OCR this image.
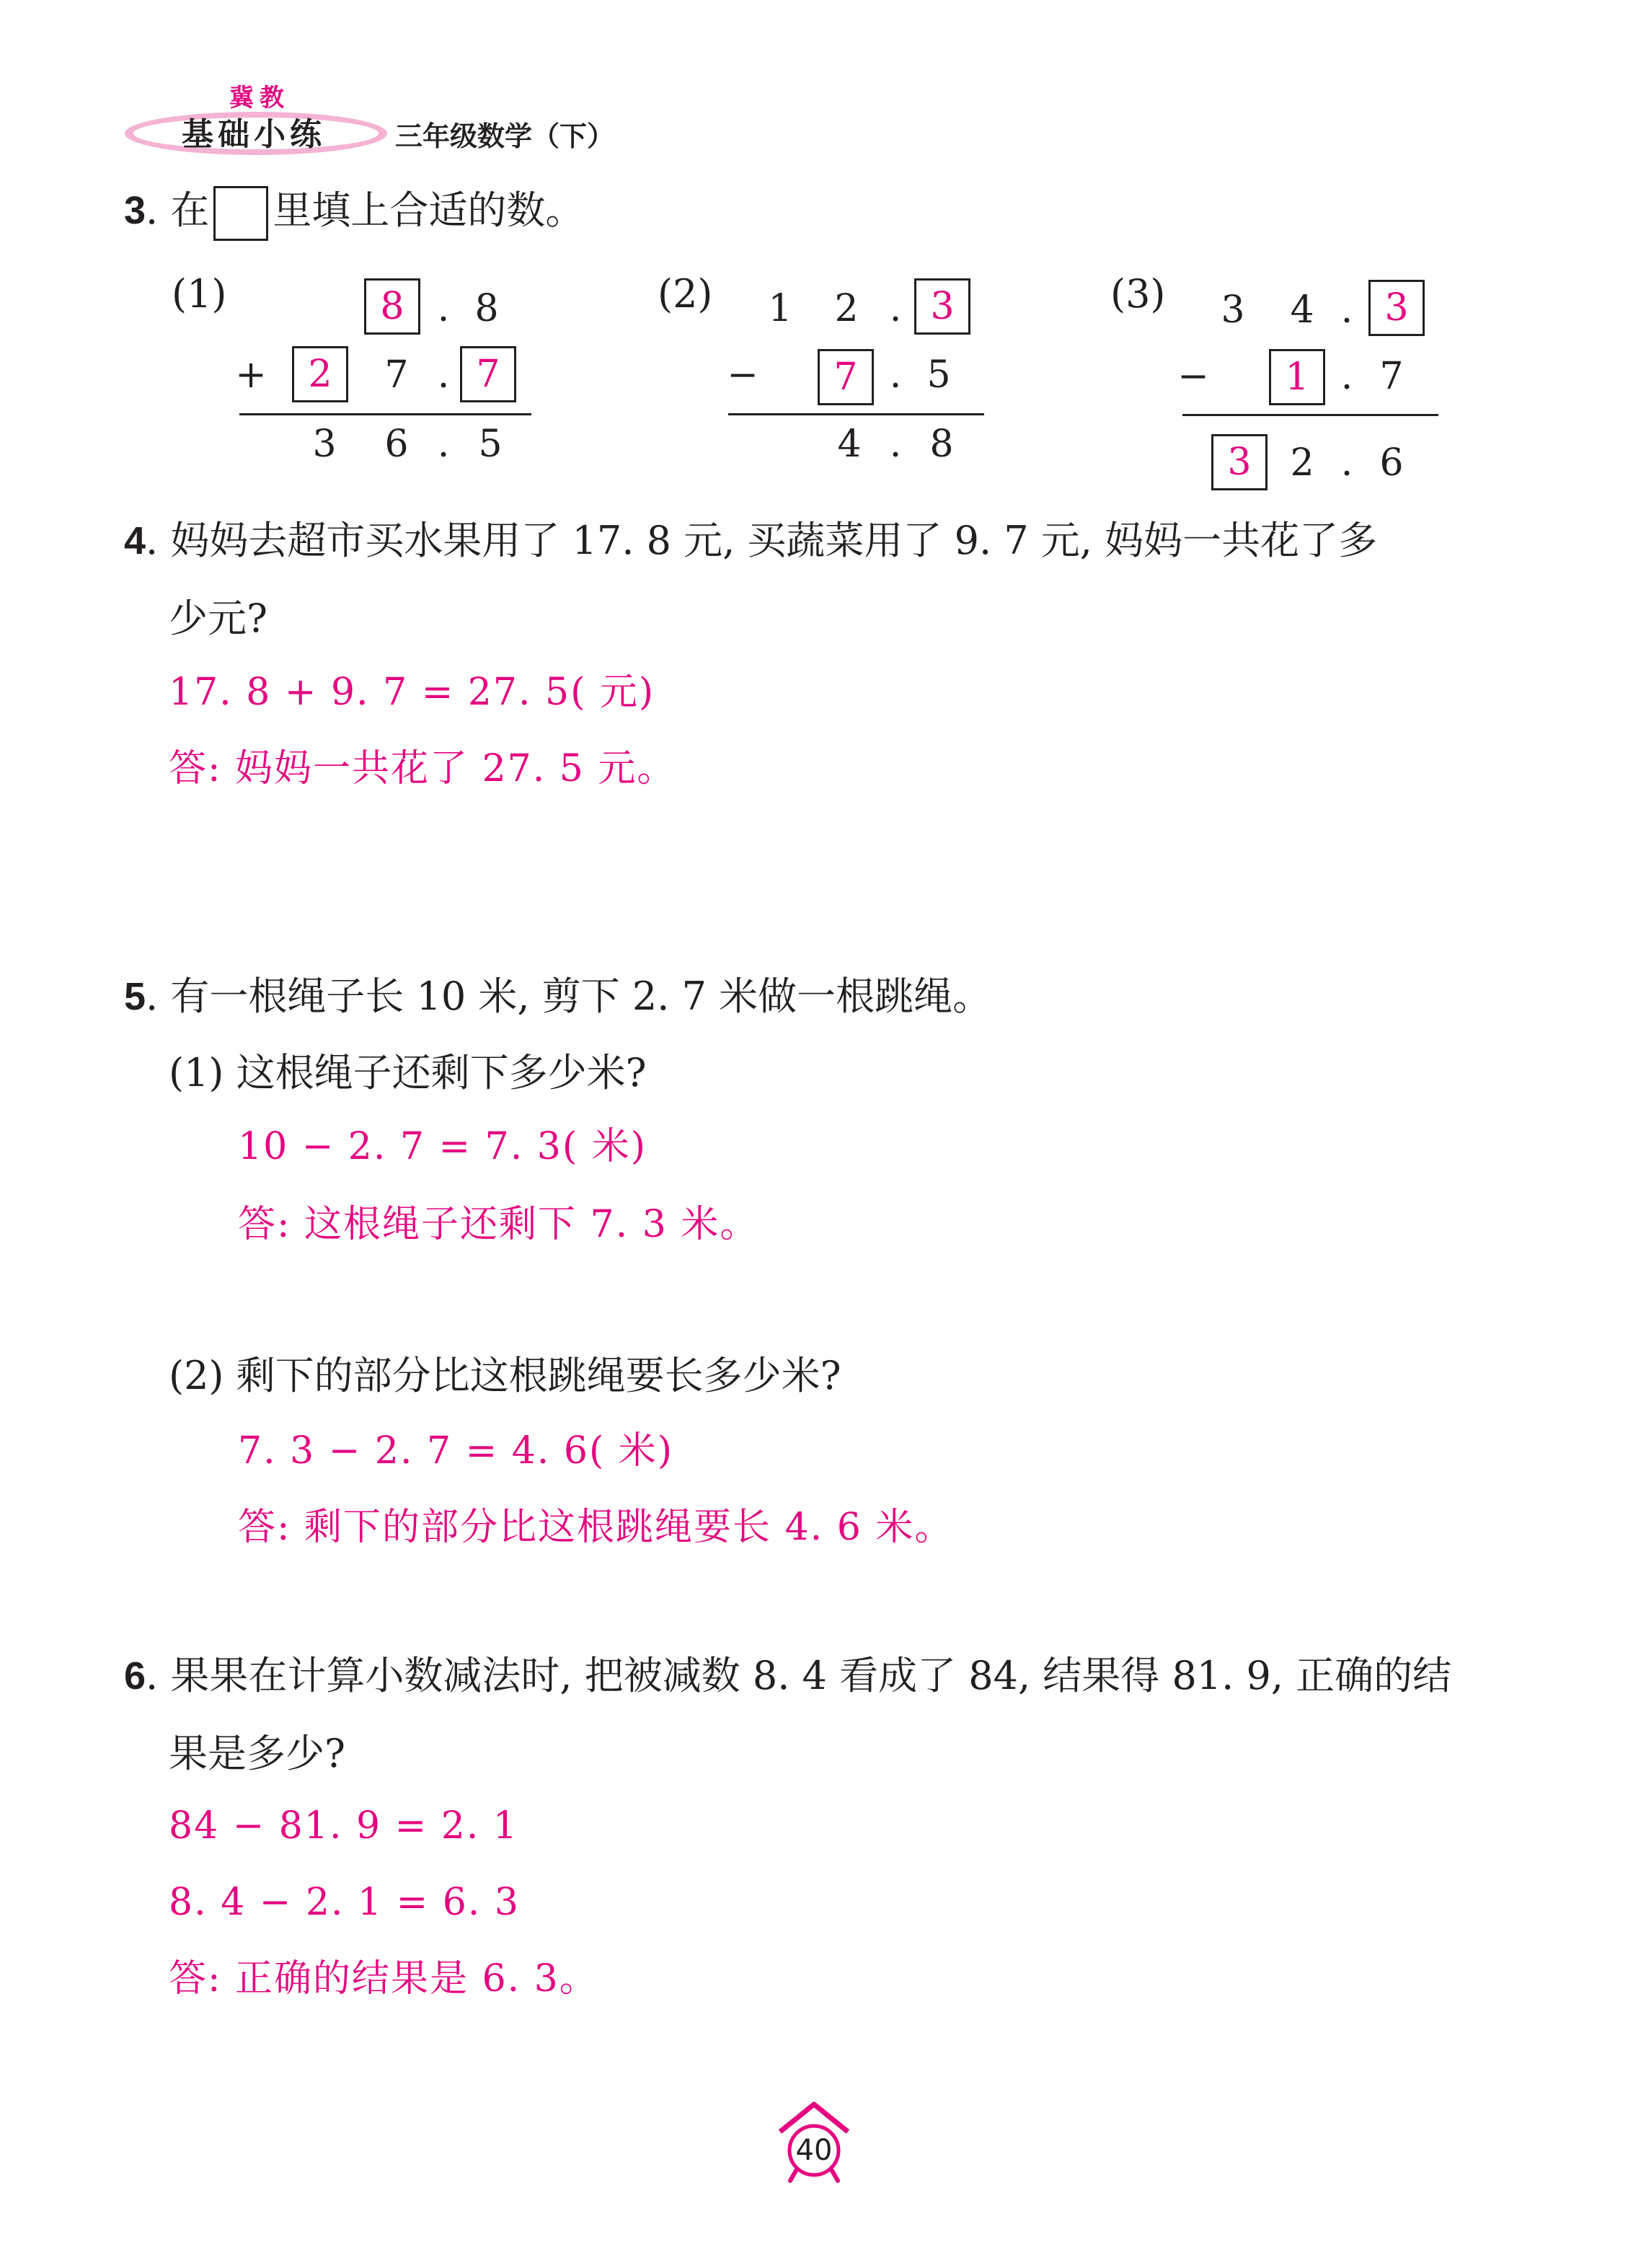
冀教
基础小练	三年级数学（下）
3. 在 里填上合适的数。
(1)	8 . 8
+	2	7 . 7
3 6 . 5
(2) 1 2 . 3
−	7 . 5
4 . 8
(3) 3 4 . 3
−	1 . 7
3	2 . 6
4. 妈妈去超市买水果用了 17. 8 元, 买蔬菜用了 9. 7 元, 妈妈一共花了多
少元?
17. 8 + 9. 7 = 27. 5( 元)
答: 妈妈一共花了 27. 5 元。
5. 有一根绳子长 10 米, 剪下 2. 7 米做一根跳绳。
(1) 这根绳子还剩下多少米?
10 − 2. 7 = 7. 3( 米)
答: 这根绳子还剩下 7. 3 米。
(2) 剩下的部分比这根跳绳要长多少米?
7. 3 − 2. 7 = 4. 6( 米)
答: 剩下的部分比这根跳绳要长 4. 6 米。
6. 果果在计算小数减法时, 把被减数 8. 4 看成了 84, 结果得 81. 9, 正确的结
果是多少?
84 − 81. 9 = 2. 1
8. 4 − 2. 1 = 6. 3
答: 正确的结果是 6. 3。
40
